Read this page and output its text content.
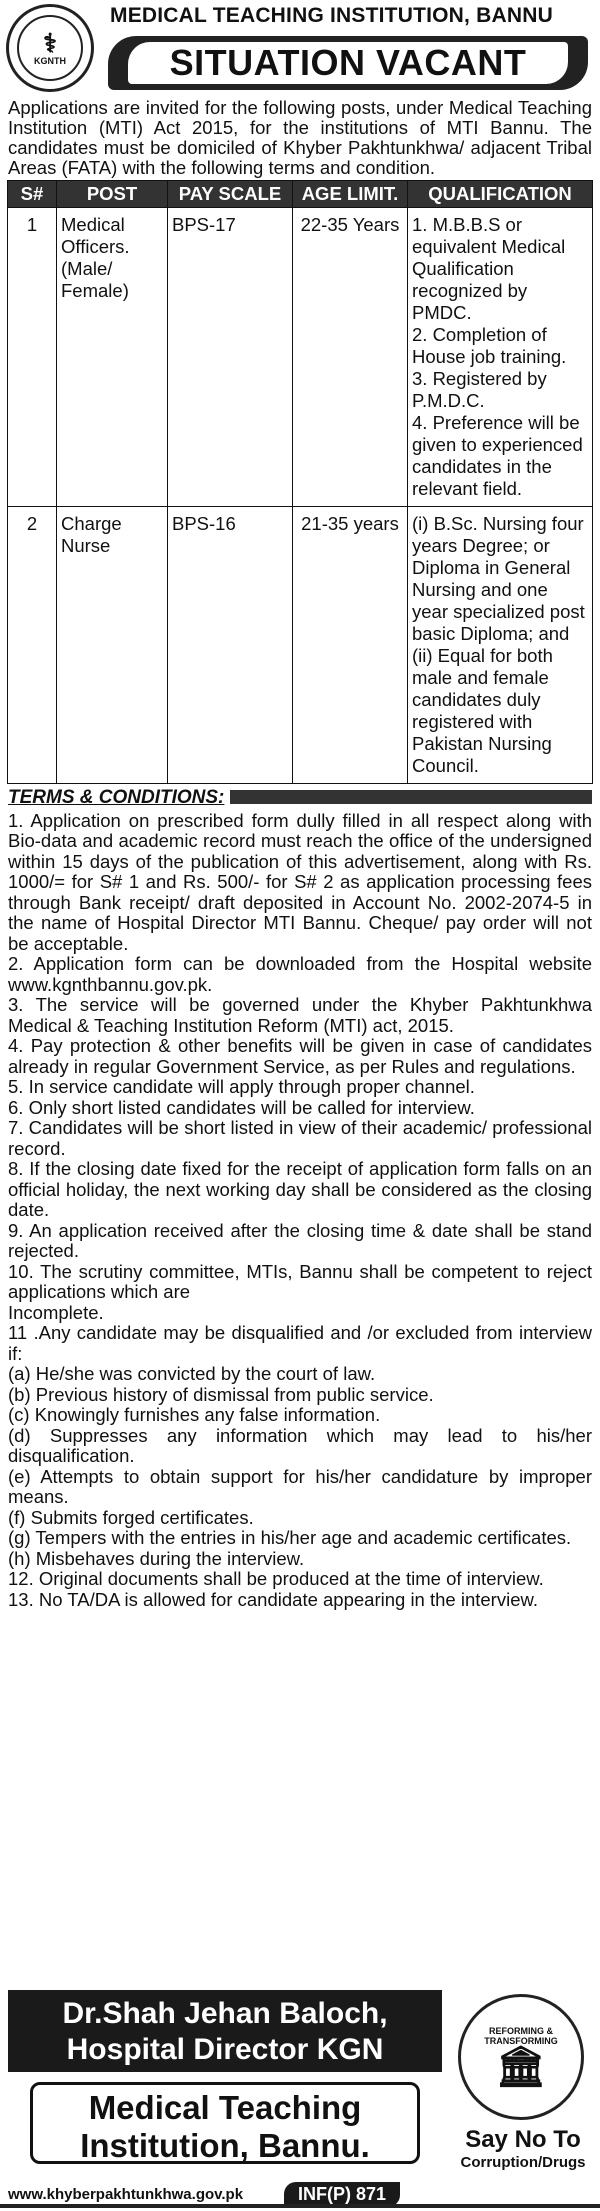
⚕
KGNTH
MEDICAL TEACHING INSTITUTION, BANNU
SITUATION VACANT
Applications are invited for the following posts, under Medical Teaching Institution (MTI) Act 2015, for the institutions of MTI Bannu. The candidates must be domiciled of Khyber Pakhtunkhwa/ adjacent Tribal Areas (FATA) with the following terms and condition.
S#	POST	PAY SCALE	AGE LIMIT.	QUALIFICATION
1	Medical Officers. (Male/ Female)	BPS-17	22-35 Years	1. M.B.B.S or equivalent Medical Qualification recognized by PMDC.
2. Completion of House job training.
3. Registered by P.M.D.C.
4. Preference will be given to experienced candidates in the relevant field.

2	Charge Nurse	BPS-16	21-35 years	(i) B.Sc. Nursing four years Degree; or Diploma in General Nursing and one year specialized post basic Diploma; and
(ii) Equal for both male and female candidates duly registered with Pakistan Nursing Council.
TERMS & CONDITIONS:

1. Application on prescribed form dully filled in all respect along with Bio-data and academic record must reach the office of the undersigned within 15 days of the publication of this advertisement, along with Rs. 1000/= for S# 1 and Rs. 500/- for S# 2 as application processing fees through Bank receipt/ draft deposited in Account No. 2002-2074-5 in the name of Hospital Director MTI Bannu. Cheque/ pay order will not be acceptable.

2. Application form can be downloaded from the Hospital website www.kgnthbannu.gov.pk.

3. The service will be governed under the Khyber Pakhtunkhwa Medical & Teaching Institution Reform (MTI) act, 2015.

4. Pay protection & other benefits will be given in case of candidates already in regular Government Service, as per Rules and regulations.

5. In service candidate will apply through proper channel.

6. Only short listed candidates will be called for interview.

7. Candidates will be short listed in view of their academic/ professional record.

8. If the closing date fixed for the receipt of application form falls on an official holiday, the next working day shall be considered as the closing date.

9. An application received after the closing time & date shall be stand rejected.

10. The scrutiny committee, MTIs, Bannu shall be competent to reject applications which are

Incomplete.

11 .Any candidate may be disqualified and /or excluded from interview if:

(a) He/she was convicted by the court of law.

(b) Previous history of dismissal from public service.

(c) Knowingly furnishes any false information.

(d) Suppresses any information which may lead to his/her disqualification.

(e) Attempts to obtain support for his/her candidature by improper means.

(f) Submits forged certificates.

(g) Tempers with the entries in his/her age and academic certificates.

(h) Misbehaves during the interview.

12. Original documents shall be produced at the time of interview.

13. No TA/DA is allowed for candidate appearing in the interview.

Dr.Shah Jehan Baloch,
Hospital Director KGN
Medical Teaching
Institution, Bannu.
REFORMING & TRANSFORMING
🏛
Say No To
Corruption/Drugs
www.khyberpakhtunkhwa.gov.pk	INF(P) 871
